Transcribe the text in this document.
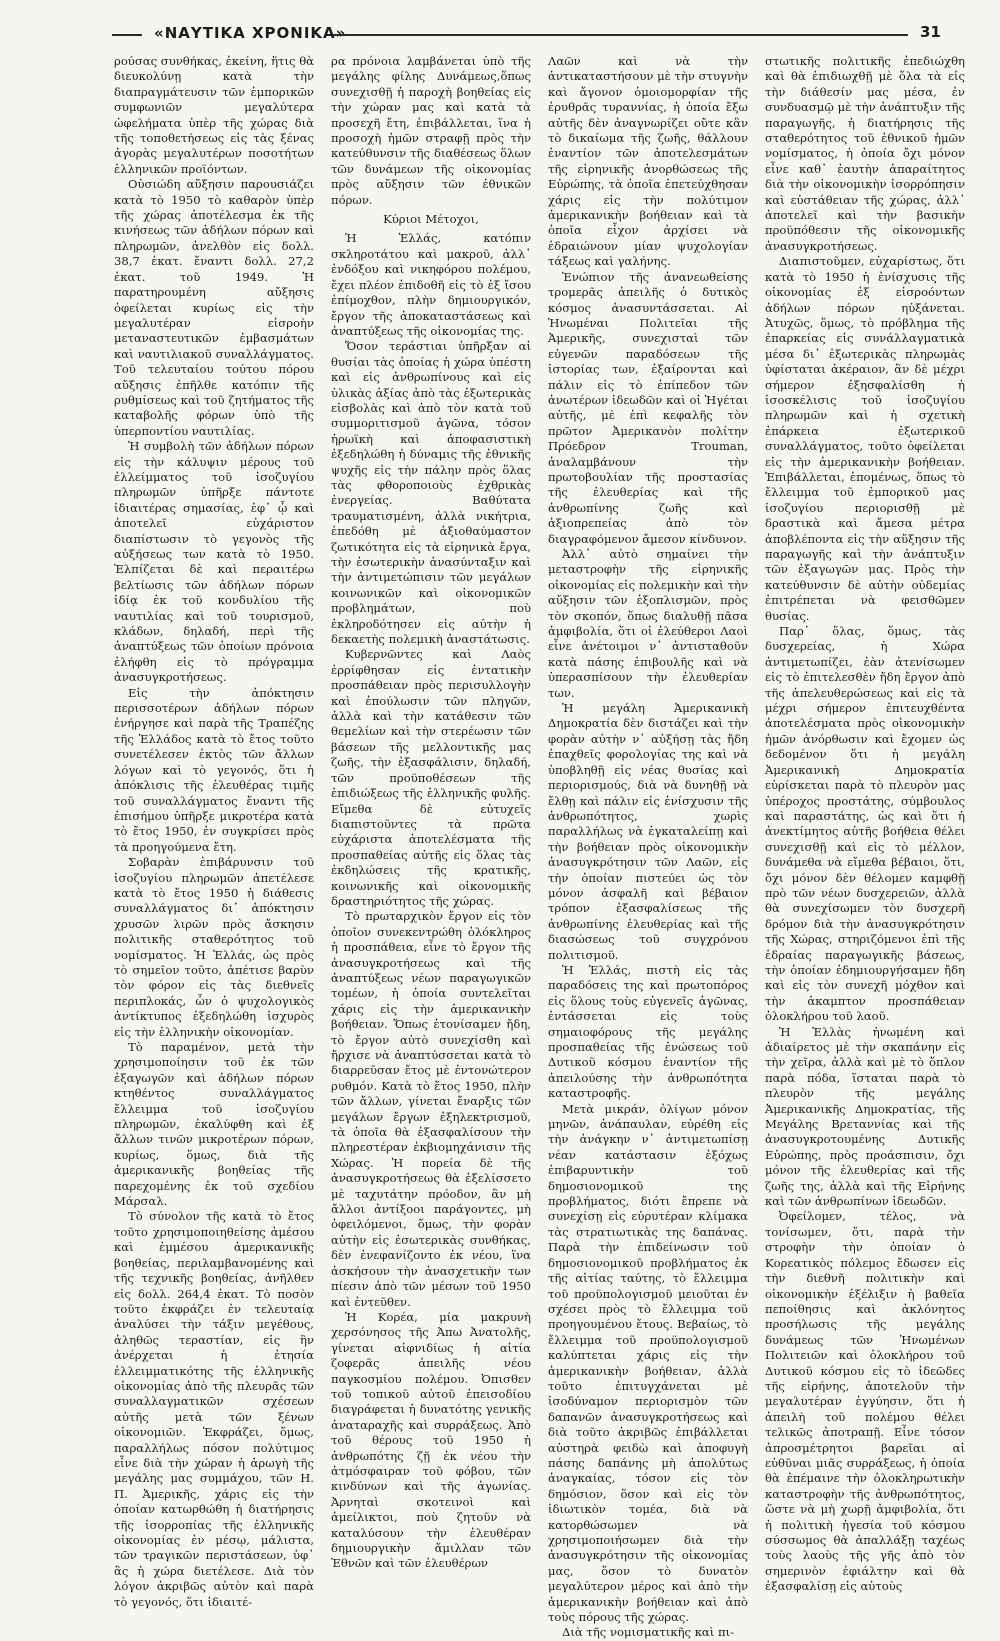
«ΝΑΥΤΙΚΑ ΧΡΟΝΙΚΑ»	31

ρούσας συνθήκας, ἐκείνη, ἥτις θὰ διευκολύνῃ κατὰ τὴν διαπραγμάτευσιν τῶν ἐμπορικῶν συμφωνιῶν μεγαλύτερα ὠφελήματα ὑπὲρ τῆς χώρας διὰ τῆς τοποθετήσεως εἰς τὰς ξένας ἀγορὰς μεγαλυτέρων ποσοτήτων ἑλληνικῶν προϊόντων.

Οὐσιώδη αὔξησιν παρουσιάζει κατὰ τὸ 1950 τὸ καθαρὸν ὑπὲρ τῆς χώρας ἀποτέλεσμα ἐκ τῆς κινήσεως τῶν ἀδήλων πόρων καὶ πληρωμῶν, ἀνελθὸν εἰς δολλ. 38,7 ἑκατ. ἔναντι δολλ. 27,2 ἑκατ. τοῦ 1949. Ἡ παρατηρουμένη αὔξησις ὀφείλεται κυρίως εἰς τὴν μεγαλυτέραν εἰσροὴν μεταναστευτικῶν ἐμβασμάτων καὶ ναυτιλιακοῦ συναλλάγματος. Τοῦ τελευταίου τούτου πόρου αὔξησις ἐπῆλθε κατόπιν τῆς ρυθμίσεως καὶ τοῦ ζητήματος τῆς καταβολῆς φόρων ὑπὸ τῆς ὑπερποντίου ναυτιλίας.

Ἡ συμβολὴ τῶν ἀδήλων πόρων εἰς τὴν κάλυψιν μέρους τοῦ ἐλλείμματος τοῦ ἰσοζυγίου πληρωμῶν ὑπῆρξε πάντοτε ἰδιαιτέρας σημασίας, ἐφ᾽ ᾧ καὶ ἀποτελεῖ εὐχάριστον διαπίστωσιν τὸ γεγονὸς τῆς αὐξήσεως των κατὰ τὸ 1950. Ἐλπίζεται δὲ καὶ περαιτέρω βελτίωσις τῶν ἀδήλων πόρων ἰδίᾳ ἐκ τοῦ κονδυλίου τῆς ναυτιλίας καὶ τοῦ τουρισμοῦ, κλάδων, δηλαδή, περὶ τῆς ἀναπτύξεως τῶν ὁποίων πρόνοια ἐλήφθη εἰς τὸ πρόγραμμα ἀνασυγκροτήσεως.

Εἰς τὴν ἀπόκτησιν περισσοτέρων ἀδήλων πόρων ἐνήργησε καὶ παρὰ τῆς Τραπέζης τῆς Ἑλλάδος κατὰ τὸ ἔτος τοῦτο συνετέλεσεν ἐκτὸς τῶν ἄλλων λόγων καὶ τὸ γεγονός, ὅτι ἡ ἀπόκλισις τῆς ἐλευθέρας τιμῆς τοῦ συναλλάγματος ἔναντι τῆς ἐπισήμου ὑπῆρξε μικροτέρα κατὰ τὸ ἔτος 1950, ἐν συγκρίσει πρὸς τὰ προηγούμενα ἔτη.

Σοβαρὰν ἐπιβάρυνσιν τοῦ ἰσοζυγίου πληρωμῶν ἀπετέλεσε κατὰ τὸ ἔτος 1950 ἡ διάθεσις συναλλάγματος δι᾽ ἀπόκτησιν χρυσῶν λιρῶν πρὸς ἄσκησιν πολιτικῆς σταθερότητος τοῦ νομίσματος. Ἡ Ἑλλάς, ὡς πρὸς τὸ σημεῖον τοῦτο, ἀπέτισε βαρὺν τὸν φόρον εἰς τὰς διεθνεῖς περιπλοκάς, ὧν ὁ ψυχολογικὸς ἀντίκτυπος ἐξεδηλώθη ἰσχυρὸς εἰς τὴν ἑλληνικὴν οἰκονομίαν.

Τὸ παραμένον, μετὰ τὴν χρησιμοποίησιν τοῦ ἐκ τῶν ἐξαγωγῶν καὶ ἀδήλων πόρων κτηθέντος συναλλάγματος ἔλλειμμα τοῦ ἰσοζυγίου πληρωμῶν, ἐκαλύφθη καὶ ἐξ ἄλλων τινῶν μικροτέρων πόρων, κυρίως, ὅμως, διὰ τῆς ἀμερικανικῆς βοηθείας τῆς παρεχομένης ἐκ τοῦ σχεδίου Μάρσαλ.

Τὸ σύνολον τῆς κατὰ τὸ ἔτος τοῦτο χρησιμοποιηθείσης ἀμέσου καὶ ἐμμέσου ἀμερικανικῆς βοηθείας, περιλαμβανομένης καὶ τῆς τεχνικῆς βοηθείας, ἀνῆλθεν εἰς δολλ. 264,4 ἑκατ. Τὸ ποσὸν τοῦτο ἐκφράζει ἐν τελευταίᾳ ἀναλύσει τὴν τάξιν μεγέθους, ἀληθῶς τεραστίαν, εἰς ἣν ἀνέρχεται ἡ ἐτησία ἐλλειμματικότης τῆς ἑλληνικῆς οἰκονομίας ἀπὸ τῆς πλευρᾶς τῶν συναλλαγματικῶν σχέσεων αὐτῆς μετὰ τῶν ξένων οἰκονομιῶν. Ἐκφράζει, ὅμως, παραλλήλως πόσον πολύτιμος εἶνε διὰ τὴν χώραν ἡ ἀρωγὴ τῆς μεγάλης μας συμμάχου, τῶν Η. Π. Ἀμερικῆς, χάρις εἰς τὴν ὁποίαν κατωρθώθη ἡ διατήρησις τῆς ἰσορροπίας τῆς ἑλληνικῆς οἰκονομίας ἐν μέσῳ, μάλιστα, τῶν τραγικῶν περιστάσεων, ὑφ᾽ ἃς ἡ χώρα διετέλεσε. Διὰ τὸν λόγον ἀκριβῶς αὐτὸν καὶ παρὰ τὸ γεγονός, ὅτι ἰδιαιτέ-

ρα πρόνοια λαμβάνεται ὑπὸ τῆς μεγάλης φίλης Δυνάμεως,ὅπως συνεχισθῇ ἡ παροχὴ βοηθείας εἰς τὴν χώραν μας καὶ κατὰ τὰ προσεχῆ ἔτη, ἐπιβάλλεται, ἵνα ἡ προσοχὴ ἡμῶν στραφῇ πρὸς τὴν κατεύθυνσιν τῆς διαθέσεως ὅλων τῶν δυνάμεων τῆς οἰκονομίας πρὸς αὔξησιν τῶν ἐθνικῶν πόρων.

Κύριοι Μέτοχοι,

Ἡ Ἑλλάς, κατόπιν σκληροτάτου καὶ μακροῦ, ἀλλ᾽ ἐνδόξου καὶ νικηφόρου πολέμου, ἔχει πλέον ἐπιδοθῆ εἰς τὸ ἐξ ἴσου ἐπίμοχθον, πλὴν δημιουργικόν, ἔργον τῆς ἀποκαταστάσεως καὶ ἀναπτύξεως τῆς οἰκονομίας της.

Ὅσον τεράστιαι ὑπῆρξαν αἱ θυσίαι τὰς ὁποίας ἡ χώρα ὑπέστη καὶ εἰς ἀνθρωπίνους καὶ εἰς ὑλικὰς ἀξίας ἀπὸ τὰς ἐξωτερικὰς εἰσβολὰς καὶ ἀπὸ τὸν κατὰ τοῦ συμμοριτισμοῦ ἀγῶνα, τόσον ἡρωϊκὴ καὶ ἀποφασιστικὴ ἐξεδηλώθη ἡ δύναμις τῆς ἐθνικῆς ψυχῆς εἰς τὴν πάλην πρὸς ὅλας τὰς φθοροποιοὺς ἐχθρικὰς ἐνεργείας. Βαθύτατα τραυματισμένη, ἀλλὰ νικήτρια, ἐπεδόθη μὲ ἀξιοθαύμαστον ζωτικότητα εἰς τὰ εἰρηνικὰ ἔργα, τὴν ἐσωτερικὴν ἀνασύνταξιν καὶ τὴν ἀντιμετώπισιν τῶν μεγάλων κοινωνικῶν καὶ οἰκονομικῶν προβλημάτων, ποὺ ἐκληροδότησεν εἰς αὐτὴν ἡ δεκαετὴς πολεμικὴ ἀναστάτωσις.

Κυβερνῶντες καὶ Λαὸς ἐρρίφθησαν εἰς ἐντατικὴν προσπάθειαν πρὸς περισυλλογὴν καὶ ἐπούλωσιν τῶν πληγῶν, ἀλλὰ καὶ τὴν κατάθεσιν τῶν θεμελίων καὶ τὴν στερέωσιν τῶν βάσεων τῆς μελλοντικῆς μας ζωῆς, τὴν ἐξασφάλισιν, δηλαδή, τῶν προϋποθέσεων τῆς ἐπιδιώξεως τῆς ἑλληνικῆς φυλῆς. Εἴμεθα δὲ εὐτυχεῖς διαπιστοῦντες τὰ πρῶτα εὐχάριστα ἀποτελέσματα τῆς προσπαθείας αὐτῆς εἰς ὅλας τὰς ἐκδηλώσεις τῆς κρατικῆς, κοινωνικῆς καὶ οἰκονομικῆς δραστηριότητος τῆς χώρας.

Τὸ πρωταρχικὸν ἔργον εἰς τὸν ὁποῖον συνεκεντρώθη ὁλόκληρος ἡ προσπάθεια, εἶνε τὸ ἔργον τῆς ἀνασυγκροτήσεως καὶ τῆς ἀναπτύξεως νέων παραγωγικῶν τομέων, ἡ ὁποία συντελεῖται χάρις εἰς τὴν ἀμερικανικὴν βοήθειαν. Ὅπως ἐτονίσαμεν ἤδη, τὸ ἔργον αὐτὸ συνεχίσθη καὶ ἤρχισε νὰ ἀναπτύσσεται κατὰ τὸ διαρρεῦσαν ἔτος μὲ ἐντονώτερον ρυθμόν. Κατὰ τὸ ἔτος 1950, πλὴν τῶν ἄλλων, γίνεται ἔναρξις τῶν μεγάλων ἔργων ἐξηλεκτρισμοῦ, τὰ ὁποῖα θὰ ἐξασφαλίσουν τὴν πληρεστέραν ἐκβιομηχάνισιν τῆς Χώρας. Ἡ πορεία δὲ τῆς ἀνασυγκροτήσεως θὰ ἐξελίσσετο μὲ ταχυτάτην πρόοδον, ἂν μὴ ἄλλοι ἀντίξοοι παράγοντες, μὴ ὀφειλόμενοι, ὅμως, τὴν φορὰν αὐτὴν εἰς ἐσωτερικὰς συνθήκας, δὲν ἐνεφανίζοντο ἐκ νέου, ἵνα ἀσκήσουν τὴν ἀνασχετικὴν των πίεσιν ἀπὸ τῶν μέσων τοῦ 1950 καὶ ἐντεῦθεν.

Ἡ Κορέα, μία μακρυνὴ χερσόνησος τῆς Ἀπω Ἀνατολῆς, γίνεται αἰφνιδίως ἡ αἰτία ζοφερᾶς ἀπειλῆς νέου παγκοσμίου πολέμου. Ὀπισθεν τοῦ τοπικοῦ αὐτοῦ ἐπεισοδίου διαγράφεται ἡ δυνατότης γενικῆς ἀναταραχῆς καὶ συρράξεως. Ἀπὸ τοῦ θέρους τοῦ 1950 ἡ ἀνθρωπότης ζῇ ἐκ νέου τὴν ἀτμόσφαιραν τοῦ φόβου, τῶν κινδύνων καὶ τῆς ἀγωνίας. Ἀρνηταὶ σκοτεινοὶ καὶ ἀμείλικτοι, ποὺ ζητοῦν νὰ καταλύσουν τὴν ἐλευθέραν δημιουργικὴν ἅμιλλαν τῶν Ἐθνῶν καὶ τῶν ἐλευθέρων

Λαῶν καὶ νὰ τὴν ἀντικαταστήσουν μὲ τὴν στυγνὴν καὶ ἄγονον ὁμοιομορφίαν τῆς ἐρυθρᾶς τυραννίας, ἡ ὁποία ἔξω αὐτῆς δὲν ἀναγνωρίζει οὔτε κἂν τὸ δικαίωμα τῆς ζωῆς, θάλλουν ἐναντίον τῶν ἀποτελεσμάτων τῆς εἰρηνικῆς ἀνορθώσεως τῆς Εὐρώπης, τὰ ὁποῖα ἐπετεύχθησαν χάρις εἰς τὴν πολύτιμον ἀμερικανικὴν βοήθειαν καὶ τὰ ὁποῖα εἶχον ἀρχίσει νὰ ἑδραιώνουν μίαν ψυχολογίαν τάξεως καὶ γαλήνης.

Ἐνώπιον τῆς ἀνανεωθείσης τρομερᾶς ἀπειλῆς ὁ δυτικὸς κόσμος ἀνασυντάσσεται. Αἱ Ἡνωμέναι Πολιτεῖαι τῆς Ἀμερικῆς, συνεχισταὶ τῶν εὐγενῶν παραδόσεων τῆς ἱστορίας των, ἐξαίρονται καὶ πάλιν εἰς τὸ ἐπίπεδον τῶν ἀνωτέρων ἰδεωδῶν καὶ οἱ Ἡγέται αὐτῆς, μὲ ἐπὶ κεφαλῆς τὸν πρῶτον Ἀμερικανὸν πολίτην Πρόεδρον Trouman, ἀναλαμβάνουν τὴν πρωτοβουλίαν τῆς προστασίας τῆς ἐλευθερίας καὶ τῆς ἀνθρωπίνης ζωῆς καὶ ἀξιοπρεπείας ἀπὸ τὸν διαγραφόμενον ἄμεσον κίνδυνον.

Ἀλλ᾽ αὐτὸ σημαίνει τὴν μεταστροφὴν τῆς εἰρηνικῆς οἰκονομίας εἰς πολεμικὴν καὶ τὴν αὔξησιν τῶν ἐξοπλισμῶν, πρὸς τὸν σκοπόν, ὅπως διαλυθῇ πᾶσα ἀμφιβολία, ὅτι οἱ ἐλεύθεροι Λαοὶ εἶνε ἀνέτοιμοι ν᾽ ἀντισταθοῦν κατὰ πάσης ἐπιβουλῆς καὶ νὰ ὑπερασπίσουν τὴν ἐλευθερίαν των.

Ἡ μεγάλη Ἀμερικανικὴ Δημοκρατία δὲν διστάζει καὶ τὴν φορὰν αὐτὴν ν᾽ αὐξήσῃ τὰς ἤδη ἐπαχθεῖς φορολογίας της καὶ νὰ ὑποβληθῇ εἰς νέας θυσίας καὶ περιορισμούς, διὰ νὰ δυνηθῇ νὰ ἔλθῃ καὶ πάλιν εἰς ἐνίσχυσιν τῆς ἀνθρωπότητος, χωρὶς παραλλήλως νὰ ἐγκαταλείπῃ καὶ τὴν βοήθειαν πρὸς οἰκονομικὴν ἀνασυγκρότησιν τῶν Λαῶν, εἰς τὴν ὁποίαν πιστεύει ὡς τὸν μόνον ἀσφαλῆ καὶ βέβαιον τρόπον ἐξασφαλίσεως τῆς ἀνθρωπίνης ἐλευθερίας καὶ τῆς διασώσεως τοῦ συγχρόνου πολιτισμοῦ.

Ἡ Ἑλλάς, πιστὴ εἰς τὰς παραδόσεις της καὶ πρωτοπόρος εἰς ὅλους τοὺς εὐγενεῖς ἀγῶνας, ἐντάσσεται εἰς τοὺς σημαιοφόρους τῆς μεγάλης προσπαθείας τῆς ἐνώσεως τοῦ Δυτικοῦ κόσμου ἐναντίον τῆς ἀπειλούσης τὴν ἀνθρωπότητα καταστροφῆς.

Μετὰ μικράν, ὀλίγων μόνον μηνῶν, ἀνάπαυλαν, εὑρέθη εἰς τὴν ἀνάγκην ν᾽ ἀντιμετωπίσῃ νέαν κατάστασιν ἐξόχως ἐπιβαρυντικὴν τοῦ δημοσιονομικοῦ της προβλήματος, διότι ἔπρεπε νὰ συνεχίσῃ εἰς εὐρυτέραν κλίμακα τὰς στρατιωτικὰς της δαπάνας. Παρὰ τὴν ἐπιδείνωσιν τοῦ δημοσιονομικοῦ προβλήματος ἐκ τῆς αἰτίας ταύτης, τὸ ἔλλειμμα τοῦ προϋπολογισμοῦ μειοῦται ἐν σχέσει πρὸς τὸ ἔλλειμμα τοῦ προηγουμένου ἔτους. Βεβαίως, τὸ ἔλλειμμα τοῦ προϋπολογισμοῦ καλύπτεται χάρις εἰς τὴν ἀμερικανικὴν βοήθειαν, ἀλλὰ τοῦτο ἐπιτυγχάνεται μὲ ἰσοδύναμον περιορισμὸν τῶν δαπανῶν ἀνασυγκροτήσεως καὶ διὰ τοῦτο ἀκριβῶς ἐπιβάλλεται αὐστηρὰ φειδὼ καὶ ἀποφυγὴ πάσης δαπάνης μὴ ἀπολύτως ἀναγκαίας, τόσον εἰς τὸν δημόσιον, ὅσον καὶ εἰς τὸν ἰδιωτικὸν τομέα, διὰ νὰ κατορθώσωμεν νὰ χρησιμοποιήσωμεν διὰ τὴν ἀνασυγκρότησιν τῆς οἰκονομίας μας, ὅσον τὸ δυνατὸν μεγαλύτερον μέρος καὶ ἀπὸ τὴν ἀμερικανικὴν βοήθειαν καὶ ἀπὸ τοὺς πόρους τῆς χώρας.

Διὰ τῆς νομισματικῆς καὶ πι-

στωτικῆς πολιτικῆς ἐπεδιώχθη καὶ θὰ ἐπιδιωχθῇ μὲ ὅλα τὰ εἰς τὴν διάθεσίν μας μέσα, ἐν συνδυασμῷ μὲ τὴν ἀνάπτυξιν τῆς παραγωγῆς, ἡ διατήρησις τῆς σταθερότητος τοῦ ἐθνικοῦ ἡμῶν νομίσματος, ἡ ὁποία ὄχι μόνον εἶνε καθ᾽ ἑαυτὴν ἀπαραίτητος διὰ τὴν οἰκονομικὴν ἰσορρόπησιν καὶ εὐστάθειαν τῆς χώρας, ἀλλ᾽ ἀποτελεῖ καὶ τὴν βασικὴν προϋπόθεσιν τῆς οἰκονομικῆς ἀνασυγκροτήσεως.

Διαπιστοῦμεν, εὐχαρίστως, ὅτι κατὰ τὸ 1950 ἡ ἐνίσχυσις τῆς οἰκονομίας ἐξ εἰσροόντων ἀδήλων πόρων ηὐξάνεται. Ἀτυχῶς, ὅμως, τὸ πρόβλημα τῆς ἐπαρκείας εἰς συνάλλαγματικὰ μέσα δι᾽ ἐξωτερικὰς πληρωμὰς ὑφίσταται ἀκέραιον, ἂν δὲ μέχρι σήμερον ἐξησφαλίσθη ἡ ἰσοσκέλισις τοῦ ἰσοζυγίου πληρωμῶν καὶ ἡ σχετικὴ ἐπάρκεια ἐξωτερικοῦ συναλλάγματος, τοῦτο ὀφείλεται εἰς τὴν ἀμερικανικὴν βοήθειαν. Ἐπιβάλλεται, ἑπομένως, ὅπως τὸ ἔλλειμμα τοῦ ἐμπορικοῦ μας ἰσοζυγίου περιορισθῇ μὲ δραστικὰ καὶ ἄμεσα μέτρα ἀποβλέποντα εἰς τὴν αὔξησιν τῆς παραγωγῆς καὶ τὴν ἀνάπτυξιν τῶν ἐξαγωγῶν μας. Πρὸς τὴν κατεύθυνσιν δὲ αὐτὴν οὐδεμίας ἐπιτρέπεται νὰ φεισθῶμεν θυσίας.

Παρ᾽ ὅλας, ὅμως, τὰς δυσχερείας, ἡ Χώρα ἀντιμετωπίζει, ἐὰν ἀτενίσωμεν εἰς τὸ ἐπιτελεσθὲν ἤδη ἔργον ἀπὸ τῆς ἀπελευθερώσεως καὶ εἰς τὰ μέχρι σήμερον ἐπιτευχθέντα ἀποτελέσματα πρὸς οἰκονομικὴν ἡμῶν ἀνόρθωσιν καὶ ἔχομεν ὡς δεδομένον ὅτι ἡ μεγάλη Ἀμερικανικὴ Δημοκρατία εὑρίσκεται παρὰ τὸ πλευρὸν μας ὑπέροχος προστάτης, σύμβουλος καὶ παραστάτης, ὡς καὶ ὅτι ἡ ἀνεκτίμητος αὐτῆς βοήθεια θέλει συνεχισθῇ καὶ εἰς τὸ μέλλον, δυνάμεθα νὰ εἴμεθα βέβαιοι, ὅτι, ὄχι μόνον δὲν θέλομεν καμφθῇ πρὸ τῶν νέων δυσχερειῶν, ἀλλὰ θὰ συνεχίσωμεν τὸν δυσχερῆ δρόμον διὰ τὴν ἀνασυγκρότησιν τῆς Χώρας, στηριζόμενοι ἐπὶ τῆς ἑδραίας παραγωγικῆς βάσεως, τὴν ὁποίαν ἐδημιουργήσαμεν ἤδη καὶ εἰς τὸν συνεχῆ μόχθον καὶ τὴν ἀκαμπτον προσπάθειαν ὁλοκλήρου τοῦ λαοῦ.

Ἡ Ἑλλὰς ἡνωμένη καὶ ἀδιαίρετος μὲ τὴν σκαπάνην εἰς τὴν χεῖρα, ἀλλὰ καὶ μὲ τὸ ὅπλον παρὰ πόδα, ἵσταται παρὰ τὸ πλευρὸν τῆς μεγάλης Ἀμερικανικῆς Δημοκρατίας, τῆς Μεγάλης Βρεταννίας καὶ τῆς ἀνασυγκροτουμένης Δυτικῆς Εὐρώπης, πρὸς προάσπισιν, ὄχι μόνον τῆς ἐλευθερίας καὶ τῆς ζωῆς της, ἀλλὰ καὶ τῆς Εἰρήνης καὶ τῶν ἀνθρωπίνων ἰδεωδῶν.

Ὀφείλομεν, τέλος, νὰ τονίσωμεν, ὅτι, παρὰ τὴν στροφὴν τὴν ὁποίαν ὁ Κορεατικὸς πόλεμος ἔδωσεν εἰς τὴν διεθνῆ πολιτικὴν καὶ οἰκονομικὴν ἐξέλιξιν ἡ βαθεῖα πεποίθησις καὶ ἀκλόνητος προσήλωσις τῆς μεγάλης δυνάμεως τῶν Ἡνωμένων Πολιτειῶν καὶ ὁλοκλήρου τοῦ Δυτικοῦ κόσμου εἰς τὸ ἰδεῶδες τῆς εἰρήνης, ἀποτελοῦν τὴν μεγαλυτέραν ἐγγύησιν, ὅτι ἡ ἀπειλὴ τοῦ πολέμου θέλει τελικῶς ἀποτραπῇ. Εἶνε τόσον ἀπροσμέτρητοι βαρεῖαι αἱ εὐθῦναι μιᾶς συρράξεως, ἡ ὁποία θὰ ἐπέμαινε τὴν ὁλοκληρωτικὴν καταστροφὴν τῆς ἀνθρωπότητος, ὥστε νὰ μὴ χωρῇ ἀμφιβολία, ὅτι ἡ πολιτικὴ ἡγεσία τοῦ κόσμου σύσσωμος θὰ ἀπαλλάξῃ ταχέως τοὺς λαοὺς τῆς γῆς ἀπὸ τὸν σημερινὸν ἐφιάλτην καὶ θὰ ἐξασφαλίσῃ εἰς αὐτοὺς
